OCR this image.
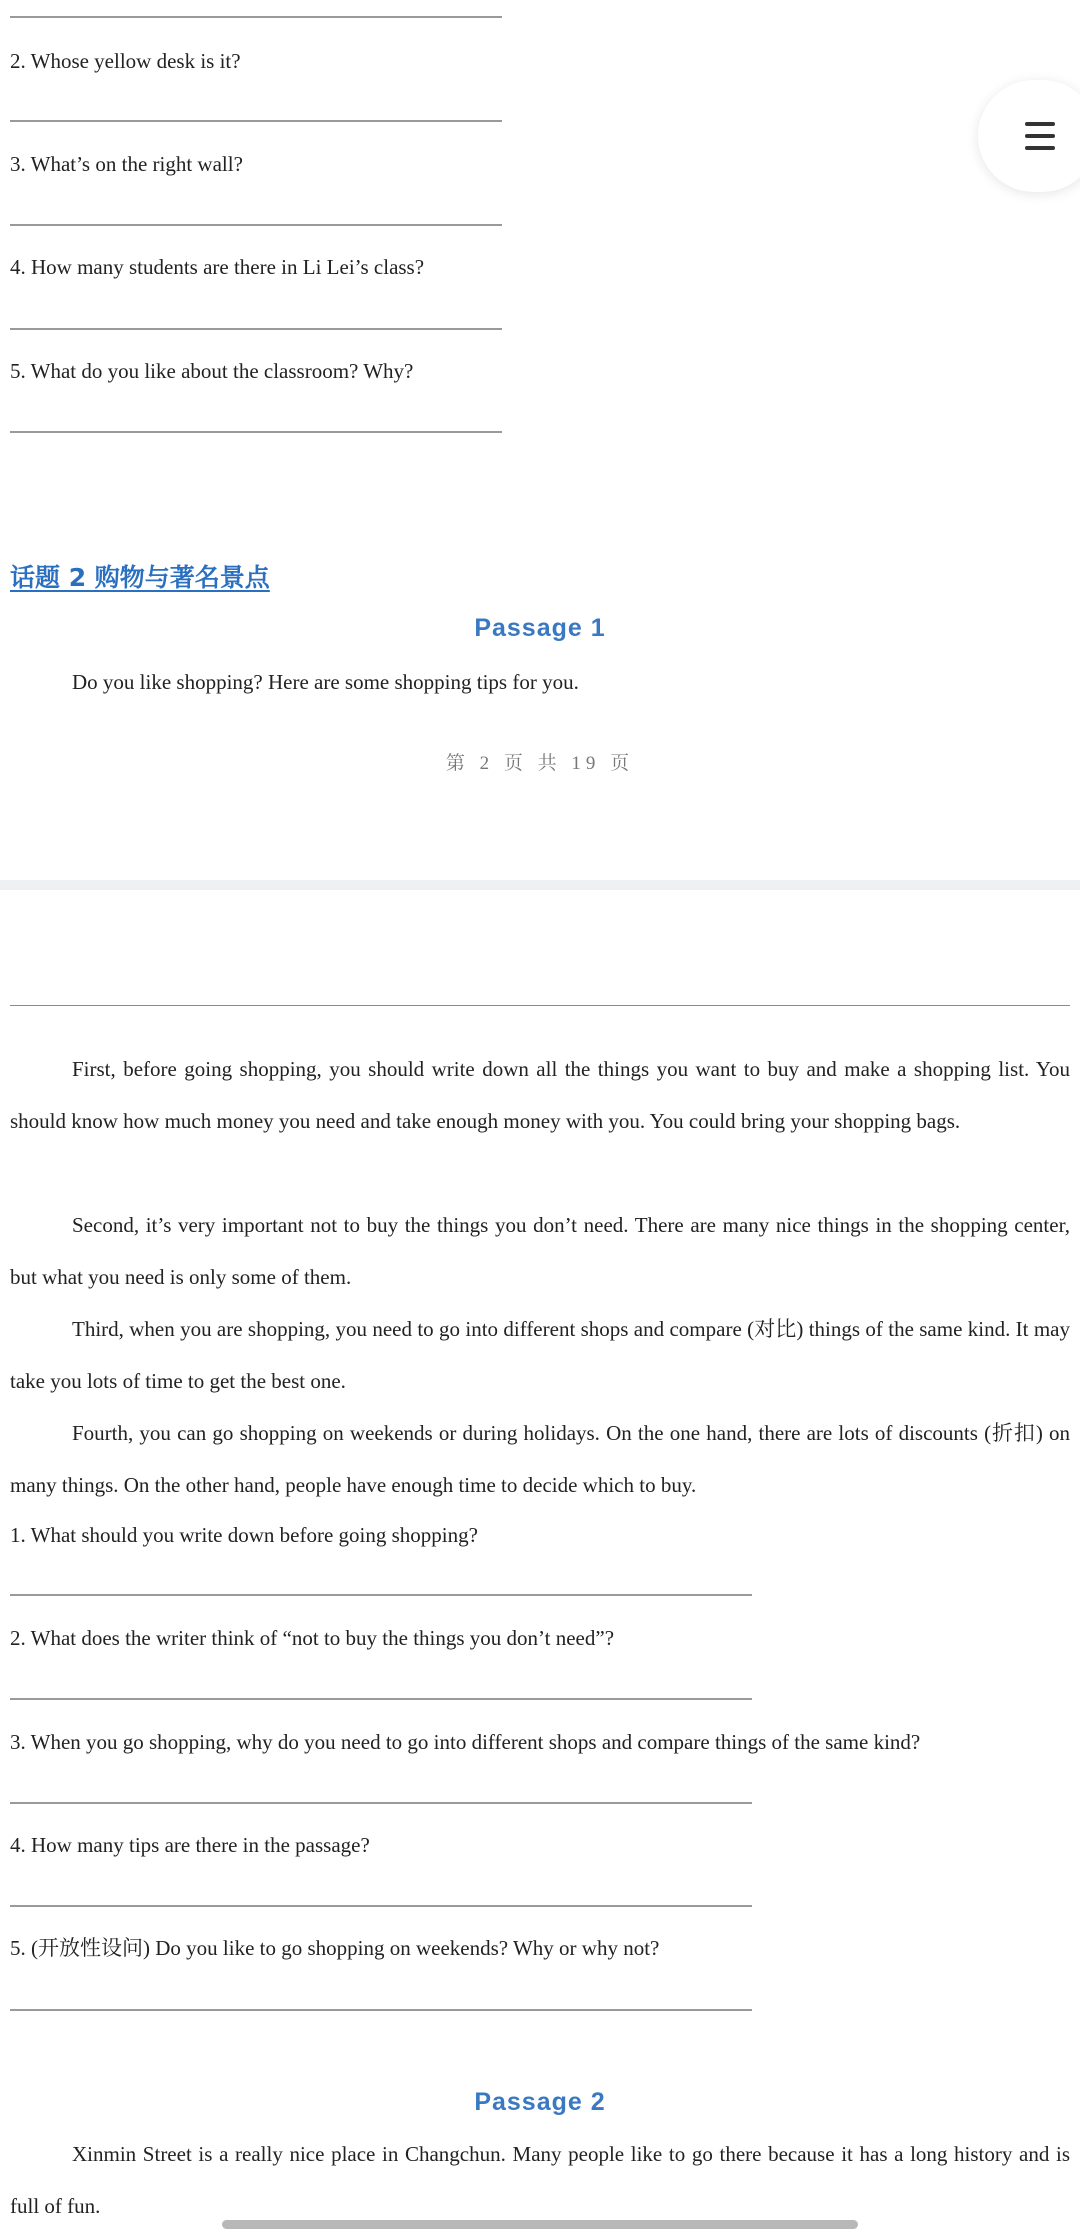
2. Whose yellow desk is it?
3. What’s on the right wall?
4. How many students are there in Li Lei’s class?
5. What do you like about the classroom? Why?
话题 2 购物与著名景点
Passage 1
Do you like shopping? Here are some shopping tips for you.
第 2 页 共 19 页
First, before going shopping, you should write down all the things you want to buy and make a shopping list. You should know how much money you need and take enough money with you. You could bring your shopping bags.
Second, it’s very important not to buy the things you don’t need. There are many nice things in the shopping center, but what you need is only some of them.
Third, when you are shopping, you need to go into different shops and compare (对比) things of the same kind. It may take you lots of time to get the best one.
Fourth, you can go shopping on weekends or during holidays. On the one hand, there are lots of discounts (折扣) on many things. On the other hand, people have enough time to decide which to buy.
1. What should you write down before going shopping?
2. What does the writer think of “not to buy the things you don’t need”?
3. When you go shopping, why do you need to go into different shops and compare things of the same kind?
4. How many tips are there in the passage?
5. (开放性设问) Do you like to go shopping on weekends? Why or why not?
Passage 2
Xinmin Street is a really nice place in Changchun. Many people like to go there because it has a long history and is full of fun.
